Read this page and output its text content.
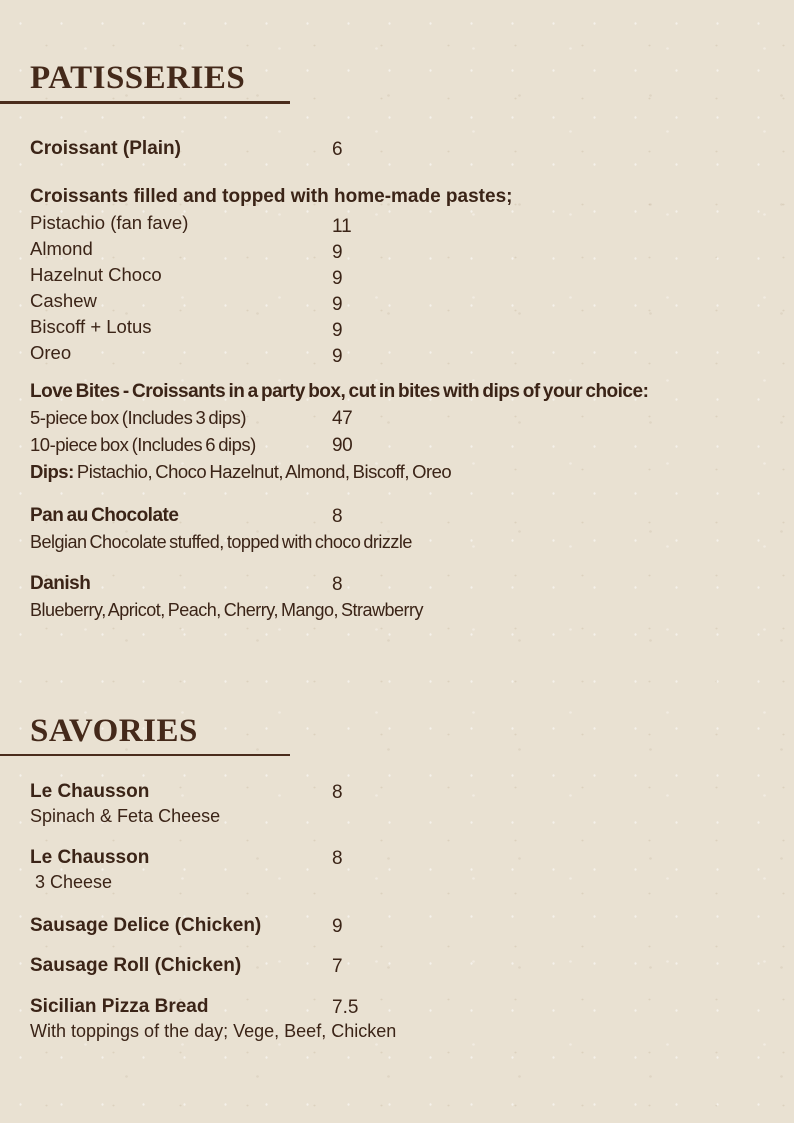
PATISSERIES
Croissant (Plain)	6
Croissants filled and topped with home-made pastes;
Pistachio (fan fave)	11
Almond	9
Hazelnut Choco	9
Cashew	9
Biscoff + Lotus	9
Oreo	9
Love Bites - Croissants in a party box, cut in bites with dips of your choice:
5-piece box (Includes 3 dips)	47
10-piece box (Includes 6 dips)	90
Dips: Pistachio, Choco Hazelnut, Almond, Biscoff, Oreo
Pan au Chocolate	8
Belgian Chocolate stuffed, topped with choco drizzle
Danish	8
Blueberry, Apricot, Peach, Cherry, Mango, Strawberry
SAVORIES
Le Chausson	8
Spinach & Feta Cheese
Le Chausson	8
3 Cheese
Sausage Delice (Chicken)	9
Sausage Roll (Chicken)	7
Sicilian Pizza Bread	7.5
With toppings of the day; Vege, Beef, Chicken
